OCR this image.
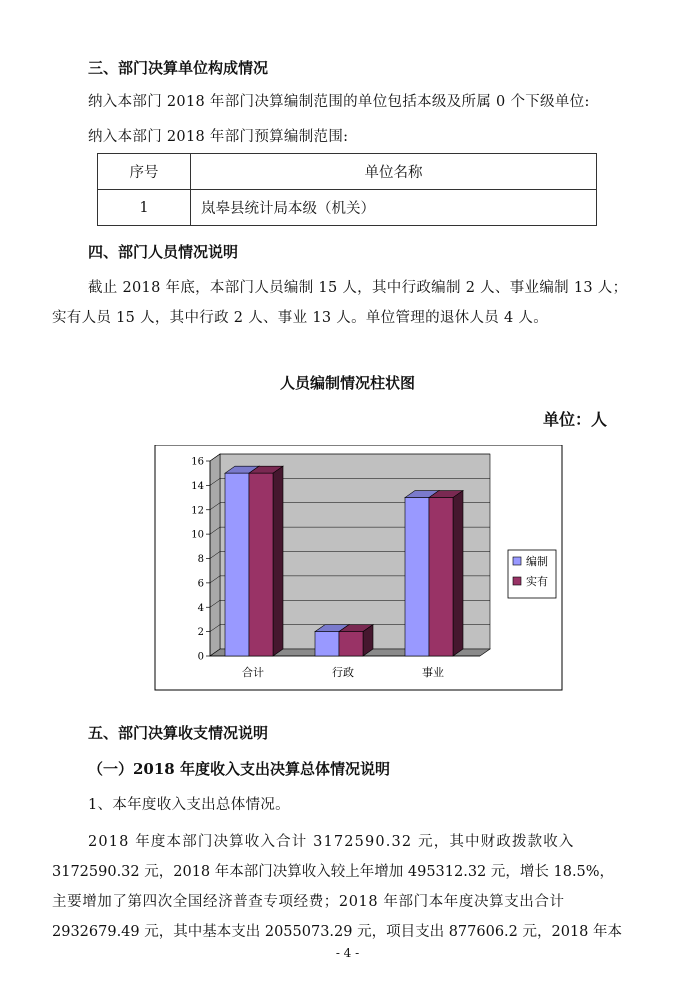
三、部门决算单位构成情况
纳入本部门 2018 年部门决算编制范围的单位包括本级及所属 0 个下级单位:
纳入本部门 2018 年部门预算编制范围:
序号	单位名称
1	岚皋县统计局本级（机关）
四、部门人员情况说明
截止 2018 年底，本部门人员编制 15 人，其中行政编制 2 人、事业编制 13 人；
实有人员 15 人，其中行政 2 人、事业 13 人。单位管理的退休人员 4 人。
人员编制情况柱状图
单位：人
0
2
4
6
8
10
12
14
16
合计	行政	事业
编制
实有
五、部门决算收支情况说明
（一）2018 年度收入支出决算总体情况说明
1、本年度收入支出总体情况。
2018 年度本部门决算收入合计 3172590.32 元，其中财政拨款收入
3172590.32 元，2018 年本部门决算收入较上年增加 495312.32 元，增长 18.5%，
主要增加了第四次全国经济普查专项经费；2018 年部门本年度决算支出合计
2932679.49 元，其中基本支出 2055073.29 元，项目支出 877606.2 元，2018 年本
- 4 -
